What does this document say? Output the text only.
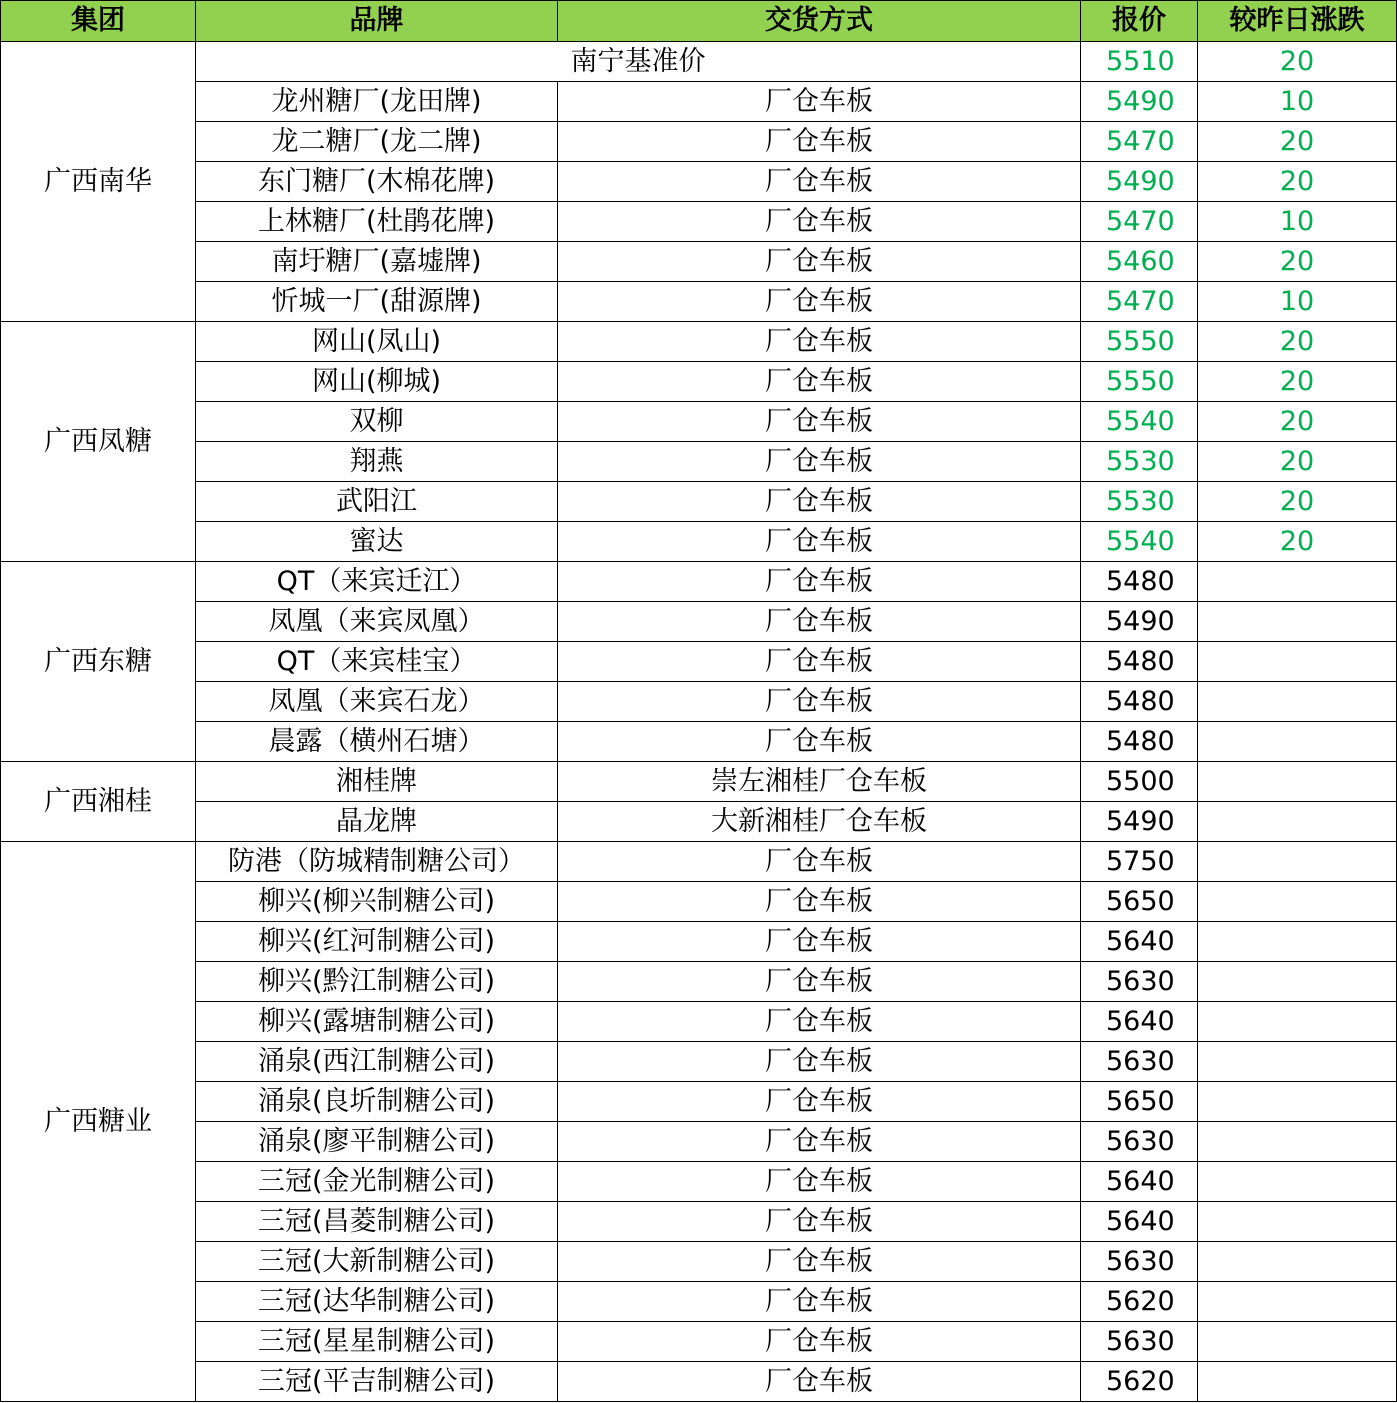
集团	品牌	交货方式	报价	较昨日涨跌
广西南华	南宁基准价		5510	20
	龙州糖厂(龙田牌)	厂仓车板	5490	10
	龙二糖厂(龙二牌)	厂仓车板	5470	20
	东门糖厂(木棉花牌)	厂仓车板	5490	20
	上林糖厂(杜鹃花牌)	厂仓车板	5470	10
	南圩糖厂(嘉墟牌)	厂仓车板	5460	20
	忻城一厂(甜源牌)	厂仓车板	5470	10
广西凤糖	网山(凤山)	厂仓车板	5550	20
	网山(柳城)	厂仓车板	5550	20
	双柳	厂仓车板	5540	20
	翔燕	厂仓车板	5530	20
	武阳江	厂仓车板	5530	20
	蜜达	厂仓车板	5540	20
广西东糖	QT（来宾迁江）	厂仓车板	5480	
	凤凰（来宾凤凰）	厂仓车板	5490	
	QT（来宾桂宝）	厂仓车板	5480	
	凤凰（来宾石龙）	厂仓车板	5480	
	晨露（横州石塘）	厂仓车板	5480	
广西湘桂	湘桂牌	崇左湘桂厂仓车板	5500	
	晶龙牌	大新湘桂厂仓车板	5490	
广西糖业	防港（防城精制糖公司）	厂仓车板	5750	
	柳兴(柳兴制糖公司)	厂仓车板	5650	
	柳兴(红河制糖公司)	厂仓车板	5640	
	柳兴(黔江制糖公司)	厂仓车板	5630	
	柳兴(露塘制糖公司)	厂仓车板	5640	
	涌泉(西江制糖公司)	厂仓车板	5630	
	涌泉(良圻制糖公司)	厂仓车板	5650	
	涌泉(廖平制糖公司)	厂仓车板	5630	
	三冠(金光制糖公司)	厂仓车板	5640	
	三冠(昌菱制糖公司)	厂仓车板	5640	
	三冠(大新制糖公司)	厂仓车板	5630	
	三冠(达华制糖公司)	厂仓车板	5620	
	三冠(星星制糖公司)	厂仓车板	5630	
	三冠(平吉制糖公司)	厂仓车板	5620	
